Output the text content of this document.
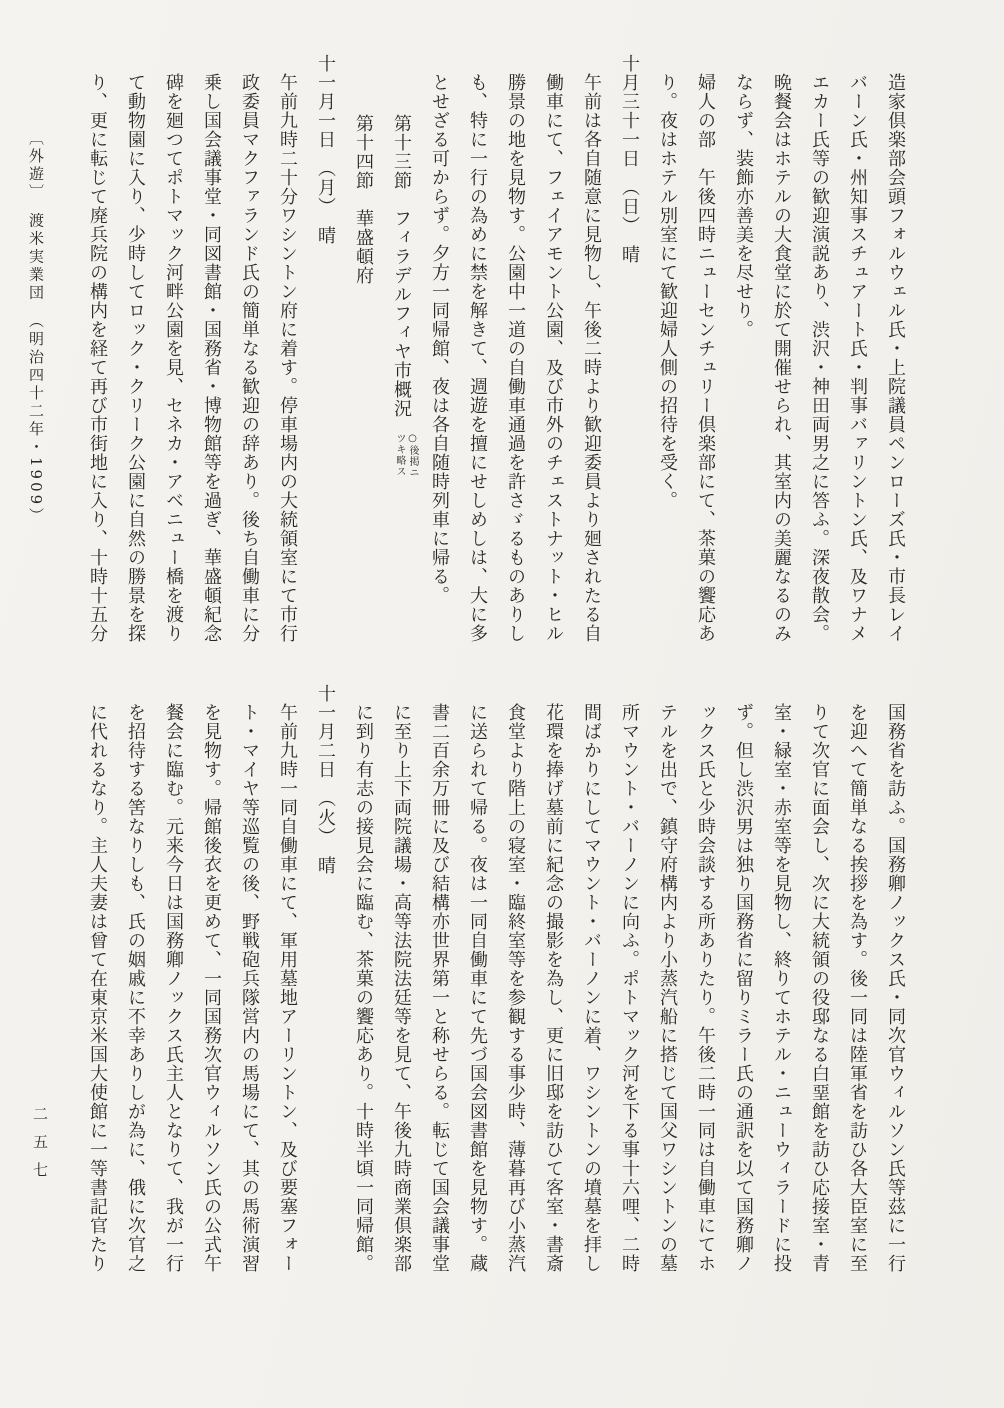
造家倶楽部会頭フォルウェル氏・上院議員ペンローズ氏・市長レイ
バーン氏・州知事スチュアート氏・判事バァリントン氏、及ワナメ
エカー氏等の歓迎演説あり、渋沢・神田両男之に答ふ。深夜散会。
晩餐会はホテルの大食堂に於て開催せられ、其室内の美麗なるのみ
ならず、装飾亦善美を尽せり。
婦人の部　午後四時ニューセンチュリー倶楽部にて、茶菓の饗応あ
り。夜はホテル別室にて歓迎婦人側の招待を受く。
十月三十一日　（日）　晴
午前は各自随意に見物し、午後二時より歓迎委員より廻されたる自
働車にて、フェイアモント公園、及び市外のチェストナット・ヒル
勝景の地を見物す。公園中一道の自働車通過を許さゞるものありし
も、特に一行の為めに禁を解きて、週遊を擅にせしめしは、大に多
とせざる可からず。夕方一同帰館、夜は各自随時列車に帰る。
第十三節　フィラデルフィヤ市概況
○後掲ニ
ツキ略ス
第十四節　華盛頓府
十一月一日　（月）　晴
午前九時二十分ワシントン府に着す。停車場内の大統領室にて市行
政委員マクファランド氏の簡単なる歓迎の辞あり。後ち自働車に分
乗し国会議事堂・同図書館・国務省・博物館等を過ぎ、華盛頓紀念
碑を廻つてポトマック河畔公園を見、セネカ・アベニュー橋を渡り
て動物園に入り、少時してロック・クリーク公園に自然の勝景を探
り、更に転じて廃兵院の構内を経て再び市街地に入り、十時十五分
〔外遊〕　渡米実業団　（明治四十二年・1909）
国務省を訪ふ。国務卿ノックス氏・同次官ウィルソン氏等茲に一行
を迎へて簡単なる挨拶を為す。後一同は陸軍省を訪ひ各大臣室に至
りて次官に面会し、次に大統領の役邸なる白堊館を訪ひ応接室・青
室・緑室・赤室等を見物し、終りてホテル・ニューウィラードに投
ず。但し渋沢男は独り国務省に留りミラー氏の通訳を以て国務卿ノ
ックス氏と少時会談する所ありたり。午後二時一同は自働車にてホ
テルを出で、鎮守府構内より小蒸汽船に搭じて国父ワシントンの墓
所マウント・バーノンに向ふ。ポトマック河を下る事十六哩、二時
間ばかりにしてマウント・バーノンに着、ワシントンの墳墓を拝し
花環を捧げ墓前に紀念の撮影を為し、更に旧邸を訪ひて客室・書斎
食堂より階上の寝室・臨終室等を参観する事少時、薄暮再び小蒸汽
に送られて帰る。夜は一同自働車にて先づ国会図書館を見物す。蔵
書二百余万冊に及び結構亦世界第一と称せらる。転じて国会議事堂
に至り上下両院議場・高等法院法廷等を見て、午後九時商業倶楽部
に到り有志の接見会に臨む、茶菓の饗応あり。十時半頃一同帰館。
十一月二日　（火）　晴
午前九時一同自働車にて、軍用墓地アーリントン、及び要塞フォー
ト・マイヤ等巡覧の後、野戦砲兵隊営内の馬場にて、其の馬術演習
を見物す。帰館後衣を更めて、一同国務次官ウィルソン氏の公式午
餐会に臨む。元来今日は国務卿ノックス氏主人となりて、我が一行
を招待する筈なりしも、氏の姻戚に不幸ありしが為に、俄に次官之
に代れるなり。主人夫妻は曾て在東京米国大使館に一等書記官たり
二五七
